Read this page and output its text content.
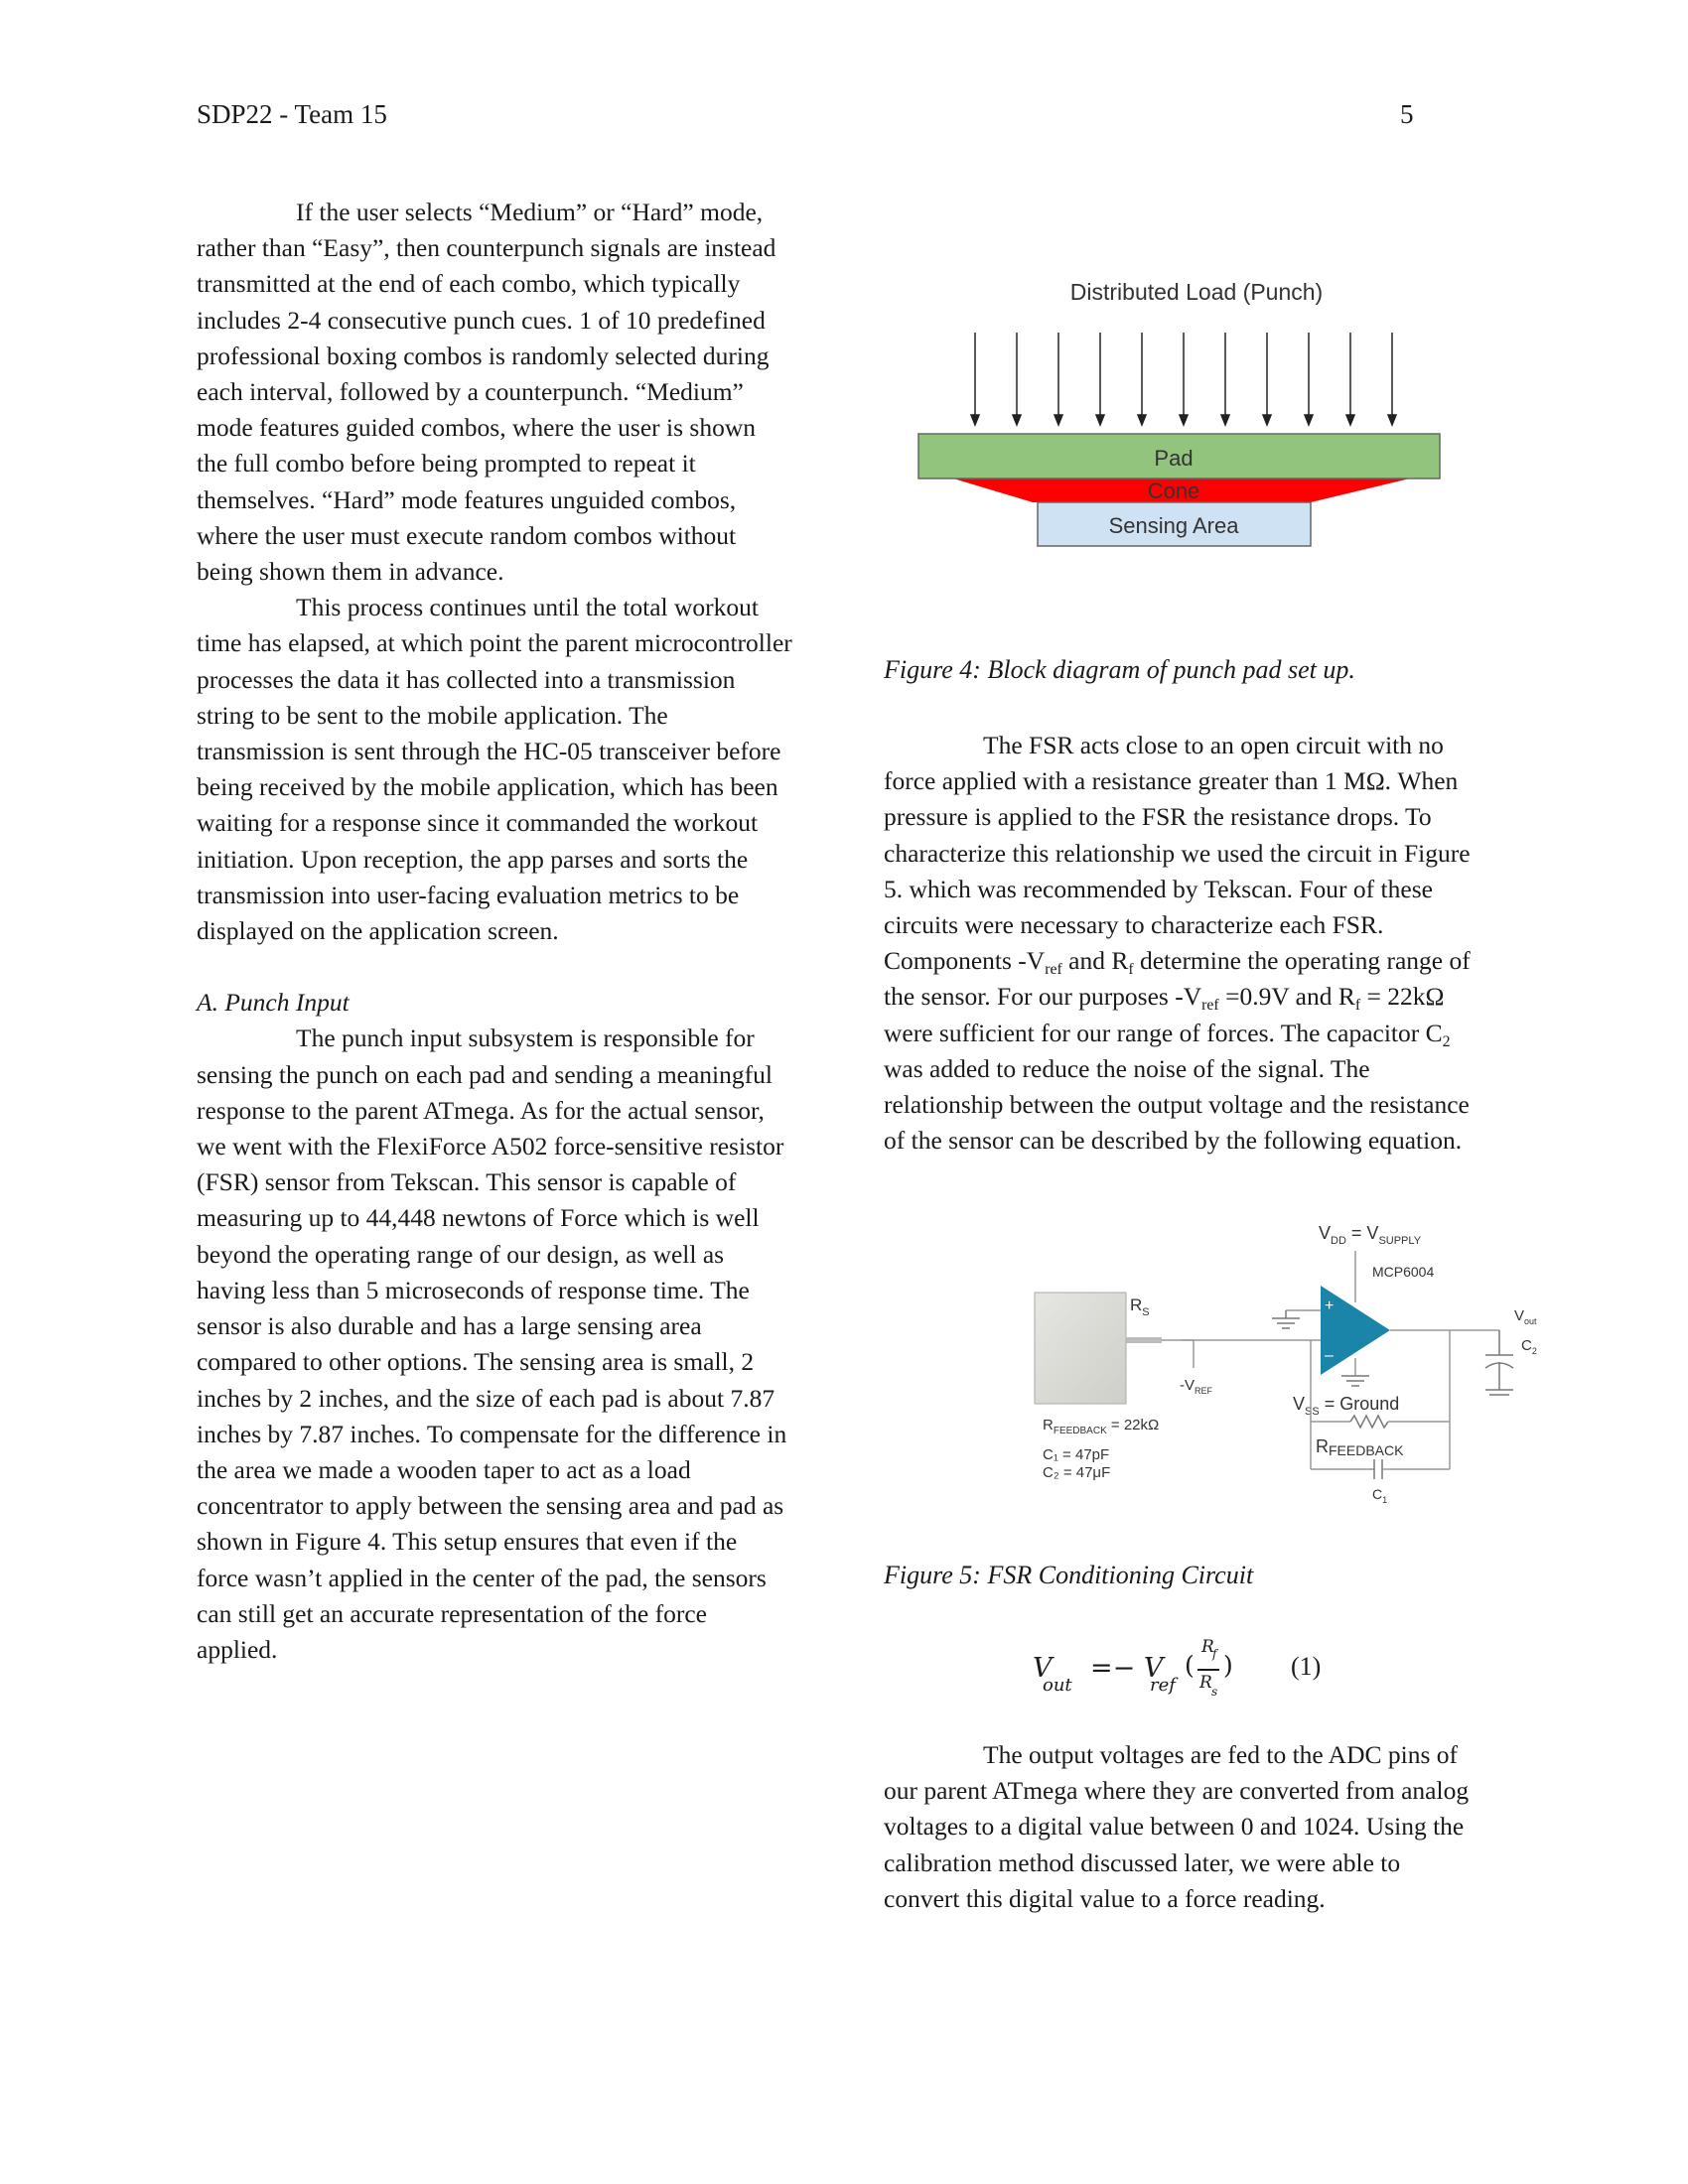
SDP22 - Team 15	5

If the user selects “Medium” or “Hard” mode, rather than “Easy”, then counterpunch signals are instead transmitted at the end of each combo, which typically includes 2-4 consecutive punch cues. 1 of 10 predefined professional boxing combos is randomly selected during each interval, followed by a counterpunch. “Medium” mode features guided combos, where the user is shown the full combo before being prompted to repeat it themselves. “Hard” mode features unguided combos, where the user must execute random combos without being shown them in advance.

This process continues until the total workout time has elapsed, at which point the parent microcontroller processes the data it has collected into a transmission string to be sent to the mobile application. The transmission is sent through the HC-05 transceiver before being received by the mobile application, which has been waiting for a response since it commanded the workout initiation. Upon reception, the app parses and sorts the transmission into user-facing evaluation metrics to be displayed on the application screen.

A. Punch Input

The punch input subsystem is responsible for sensing the punch on each pad and sending a meaningful response to the parent ATmega. As for the actual sensor, we went with the FlexiForce A502 force-sensitive resistor (FSR) sensor from Tekscan. This sensor is capable of measuring up to 44,448 newtons of Force which is well beyond the operating range of our design, as well as having less than 5 microseconds of response time. The sensor is also durable and has a large sensing area compared to other options. The sensing area is small, 2 inches by 2 inches, and the size of each pad is about 7.87 inches by 7.87 inches. To compensate for the difference in the area we made a wooden taper to act as a load concentrator to apply between the sensing area and pad as shown in Figure 4. This setup ensures that even if the force wasn’t applied in the center of the pad, the sensors can still get an accurate representation of the force applied.

Distributed Load (Punch)
Pad
Cone
Sensing Area
Figure 4: Block diagram of punch pad set up.

The FSR acts close to an open circuit with no force applied with a resistance greater than 1 MΩ. When pressure is applied to the FSR the resistance drops. To characterize this relationship we used the circuit in Figure 5. which was recommended by Tekscan. Four of these circuits were necessary to characterize each FSR. Components $-V_{ref}$ and $R_f$ determine the operating range of the sensor. For our purposes $-V_{ref} =0.9V$ and $R_f = 22k\Omega$ were sufficient for our range of forces. The capacitor $C_2$ was added to reduce the noise of the signal. The relationship between the output voltage and the resistance of the sensor can be described by the following equation.

$R_S$
$-V_{REF}$
+
–
$V_{DD} = V_{SUPPLY}$
MCP6004
$V_{SS}$ = Ground
RFEEDBACK
$C_1$
$V_{out}$
$C_2$
$R_{FEEDBACK} = 22k\Omega$
C₁ = 47pF
C₂ = 47μF
Figure 5: FSR Conditioning Circuit
V
out
=− V
ref
(
R
f
R s
) (1)

The output voltages are fed to the ADC pins of our parent ATmega where they are converted from analog voltages to a digital value between 0 and 1024. Using the calibration method discussed later, we were able to convert this digital value to a force reading.
